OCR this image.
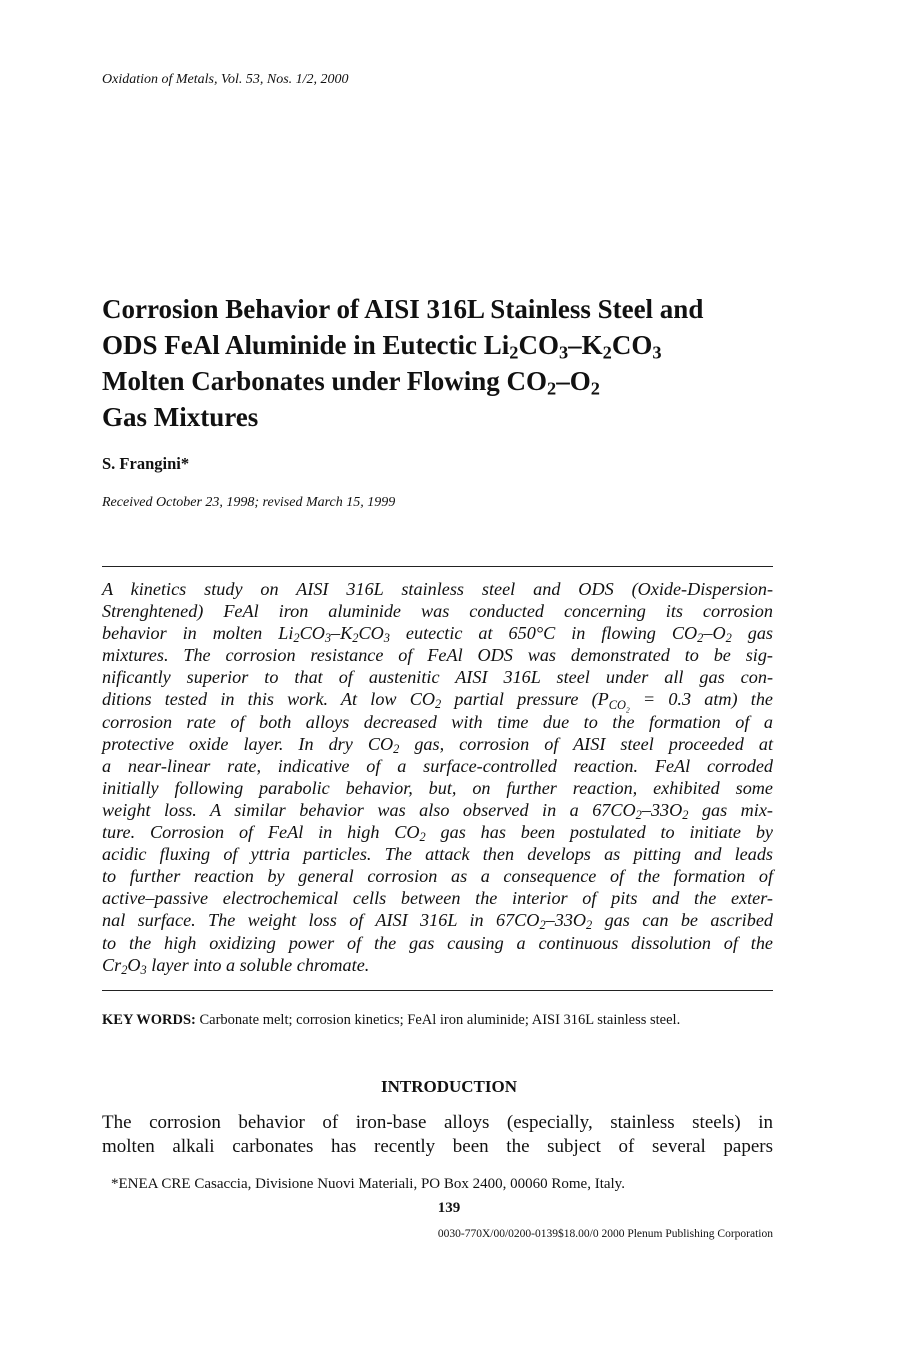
Oxidation of Metals, Vol. 53, Nos. 1/2, 2000
Corrosion Behavior of AISI 316L Stainless Steel and
ODS FeAl Aluminide in Eutectic $Li_2CO_3-K_2CO_3$
Molten Carbonates under Flowing $CO_2-O_2$
Gas Mixtures
S. Frangini*
Received October 23, 1998; revised March 15, 1999
A kinetics study on AISI 316L stainless steel and ODS (Oxide-Dispersion-
Strenghtened) FeAl iron aluminide was conducted concerning its corrosion
behavior in molten $Li_2CO_3-K_2CO_3$ eutectic at 650°C in flowing $CO_2-O_2$ gas
mixtures. The corrosion resistance of FeAl ODS was demonstrated to be sig-
nificantly superior to that of austenitic AISI 316L steel under all gas con-
ditions tested in this work. At low $CO_2$ partial pressure ($P_{CO_2} = 0.3$ atm) the
corrosion rate of both alloys decreased with time due to the formation of a
protective oxide layer. In dry $CO_2$ gas, corrosion of AISI steel proceeded at
a near-linear rate, indicative of a surface-controlled reaction. FeAl corroded
initially following parabolic behavior, but, on further reaction, exhibited some
weight loss. A similar behavior was also observed in a $67CO_2-33O_2$ gas mix-
ture. Corrosion of FeAl in high $CO_2$ gas has been postulated to initiate by
acidic fluxing of yttria particles. The attack then develops as pitting and leads
to further reaction by general corrosion as a consequence of the formation of
active–passive electrochemical cells between the interior of pits and the exter-
nal surface. The weight loss of AISI 316L in $67CO_2-33O_2$ gas can be ascribed
to the high oxidizing power of the gas causing a continuous dissolution of the
$Cr_2O_3$ layer into a soluble chromate.
KEY WORDS: Carbonate melt; corrosion kinetics; FeAl iron aluminide; AISI 316L stainless steel.
INTRODUCTION
The corrosion behavior of iron-base alloys (especially, stainless steels) in
molten alkali carbonates has recently been the subject of several papers
*ENEA CRE Casaccia, Divisione Nuovi Materiali, PO Box 2400, 00060 Rome, Italy.
139
0030-770X/00/0200-0139$18.00/0 2000 Plenum Publishing Corporation
